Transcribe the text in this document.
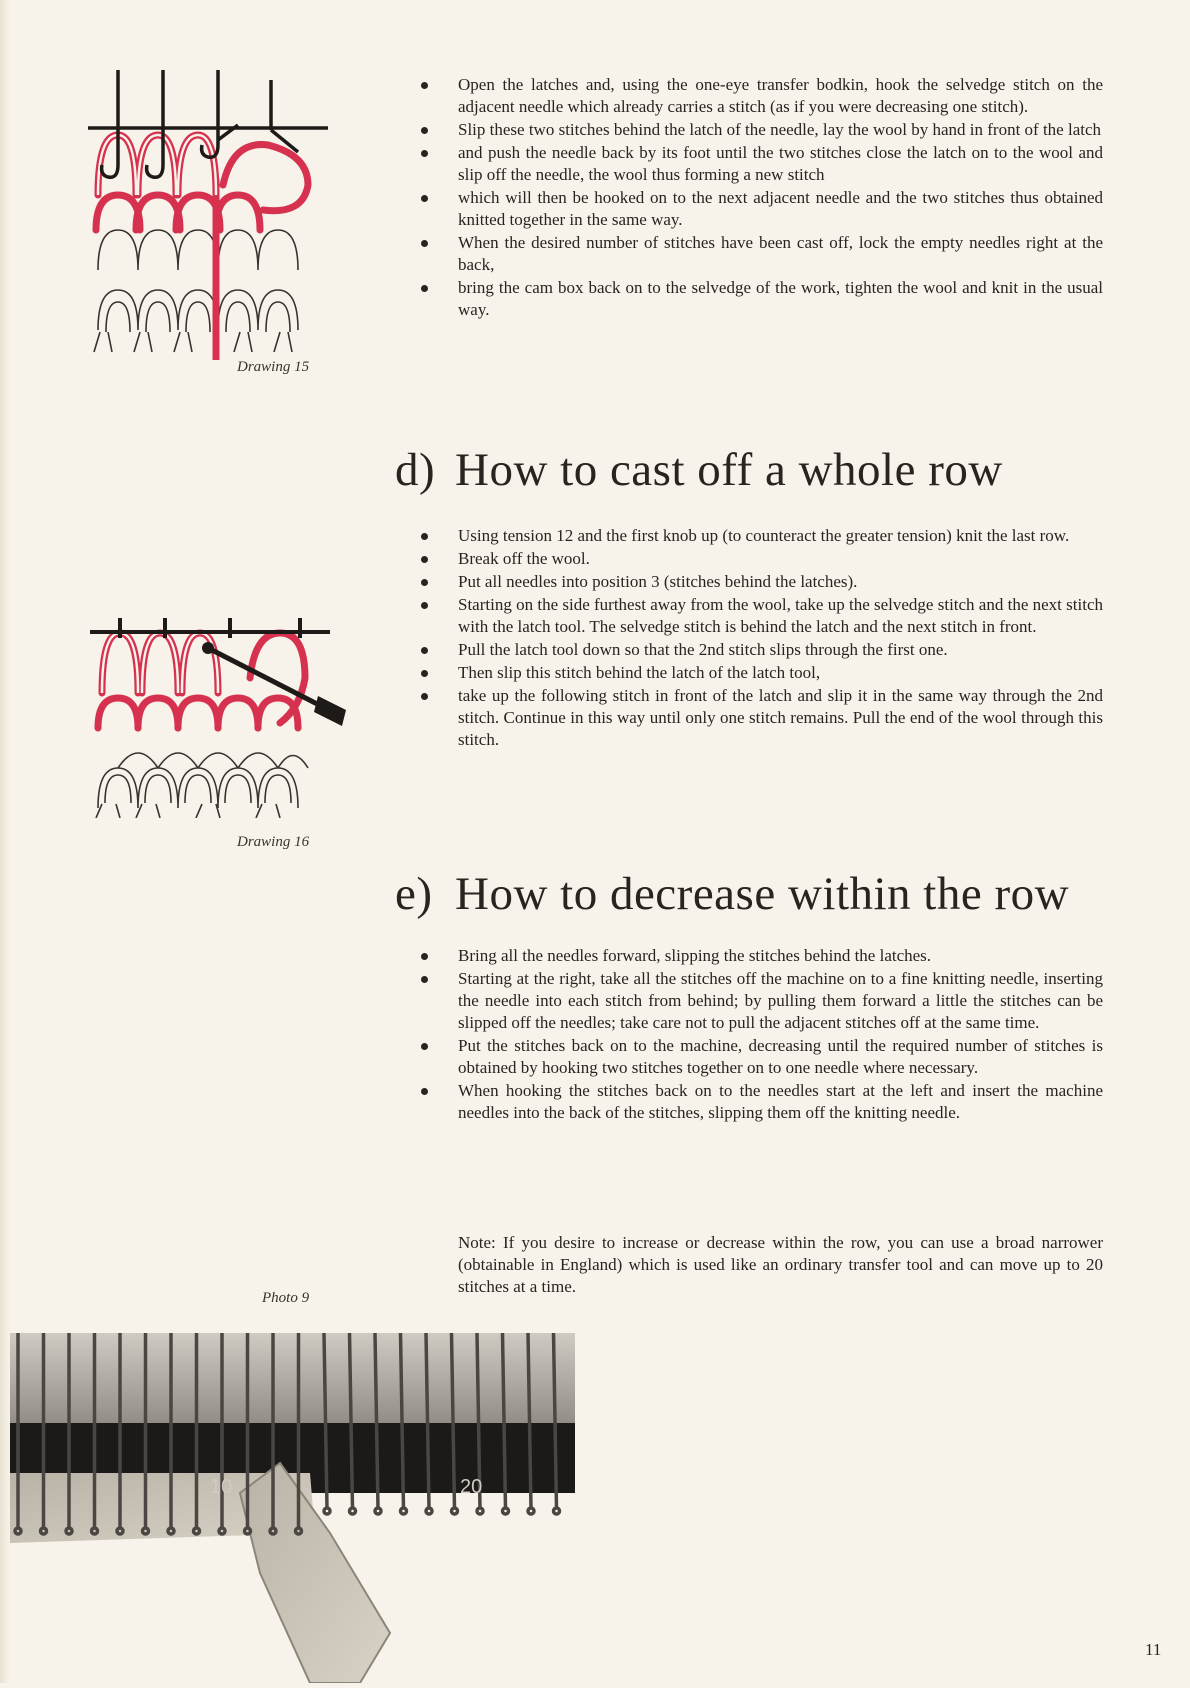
Drawing 15
Drawing 16
Photo 9
10	20
Open the latches and, using the one-eye transfer bodkin, hook the selvedge stitch on the adjacent needle which already carries a stitch (as if you were decreasing one stitch).
Slip these two stitches behind the latch of the needle, lay the wool by hand in front of the latch
and push the needle back by its foot until the two stitches close the latch on to the wool and slip off the needle, the wool thus forming a new stitch
which will then be hooked on to the next adjacent needle and the two stitches thus obtained knitted together in the same way.
When the desired number of stitches have been cast off, lock the empty needles right at the back,
bring the cam box back on to the selvedge of the work, tighten the wool and knit in the usual way.
d) How to cast off a whole row
Using tension 12 and the first knob up (to counteract the greater tension) knit the last row.
Break off the wool.
Put all needles into position 3 (stitches behind the latches).
Starting on the side furthest away from the wool, take up the selvedge stitch and the next stitch with the latch tool. The selvedge stitch is behind the latch and the next stitch in front.
Pull the latch tool down so that the 2nd stitch slips through the first one.
Then slip this stitch behind the latch of the latch tool,
take up the following stitch in front of the latch and slip it in the same way through the 2nd stitch. Continue in this way until only one stitch remains. Pull the end of the wool through this stitch.
e) How to decrease within the row
Bring all the needles forward, slipping the stitches behind the latches.
Starting at the right, take all the stitches off the machine on to a fine knitting needle, inserting the needle into each stitch from behind; by pulling them forward a little the stitches can be slipped off the needles; take care not to pull the adjacent stitches off at the same time.
Put the stitches back on to the machine, decreasing until the required number of stitches is obtained by hooking two stitches together on to one needle where necessary.
When hooking the stitches back on to the needles start at the left and insert the machine needles into the back of the stitches, slipping them off the knitting needle.
Note: If you desire to increase or decrease within the row, you can use a broad narrower (obtainable in England) which is used like an ordinary transfer tool and can move up to 20 stitches at a time.
11
